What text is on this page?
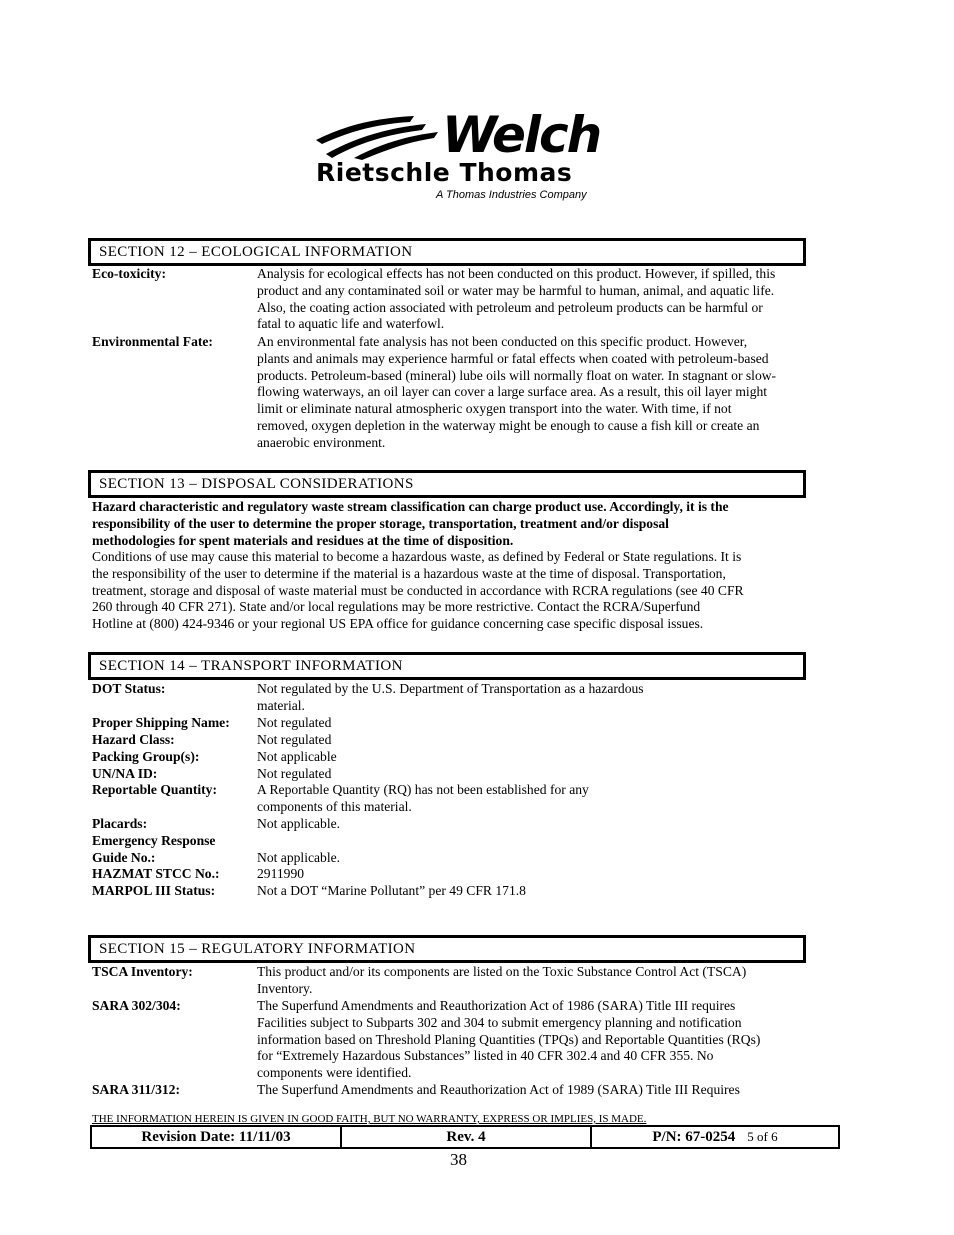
Welch
Rietschle Thomas
A Thomas Industries Company
SECTION 12 – ECOLOGICAL INFORMATION
Eco-toxicity:	Analysis for ecological effects has not been conducted on this product. However, if spilled, this
product and any contaminated soil or water may be harmful to human, animal, and aquatic life.
Also, the coating action associated with petroleum and petroleum products can be harmful or
fatal to aquatic life and waterfowl.
Environmental Fate:	An environmental fate analysis has not been conducted on this specific product. However,
plants and animals may experience harmful or fatal effects when coated with petroleum-based
products. Petroleum-based (mineral) lube oils will normally float on water. In stagnant or slow-
flowing waterways, an oil layer can cover a large surface area. As a result, this oil layer might
limit or eliminate natural atmospheric oxygen transport into the water. With time, if not
removed, oxygen depletion in the waterway might be enough to cause a fish kill or create an
anaerobic environment.
SECTION 13 – DISPOSAL CONSIDERATIONS
Hazard characteristic and regulatory waste stream classification can charge product use. Accordingly, it is the
responsibility of the user to determine the proper storage, transportation, treatment and/or disposal
methodologies for spent materials and residues at the time of disposition.
Conditions of use may cause this material to become a hazardous waste, as defined by Federal or State regulations. It is
the responsibility of the user to determine if the material is a hazardous waste at the time of disposal. Transportation,
treatment, storage and disposal of waste material must be conducted in accordance with RCRA regulations (see 40 CFR
260 through 40 CFR 271). State and/or local regulations may be more restrictive. Contact the RCRA/Superfund
Hotline at (800) 424-9346 or your regional US EPA office for guidance concerning case specific disposal issues.
SECTION 14 – TRANSPORT INFORMATION
DOT Status:	Not regulated by the U.S. Department of Transportation as a hazardous
material.
Proper Shipping Name: Not regulated
Hazard Class:	Not regulated
Packing Group(s):	Not applicable
UN/NA ID:	Not regulated
Reportable Quantity:	A Reportable Quantity (RQ) has not been established for any
components of this material.
Placards:	Not applicable.
Emergency Response
Guide No.:	Not applicable.
HAZMAT STCC No.:	2911990
MARPOL III Status:	Not a DOT “Marine Pollutant” per 49 CFR 171.8
SECTION 15 – REGULATORY INFORMATION
TSCA Inventory:	This product and/or its components are listed on the Toxic Substance Control Act (TSCA)
Inventory.
SARA 302/304:	The Superfund Amendments and Reauthorization Act of 1986 (SARA) Title III requires
Facilities subject to Subparts 302 and 304 to submit emergency planning and notification
information based on Threshold Planing Quantities (TPQs) and Reportable Quantities (RQs)
for “Extremely Hazardous Substances” listed in 40 CFR 302.4 and 40 CFR 355. No
components were identified.
SARA 311/312:	The Superfund Amendments and Reauthorization Act of 1989 (SARA) Title III Requires
THE INFORMATION HEREIN IS GIVEN IN GOOD FAITH, BUT NO WARRANTY, EXPRESS OR IMPLIES, IS MADE.
Revision Date: 11/11/03	Rev. 4	P/N: 67-0254 5 of 6
38
